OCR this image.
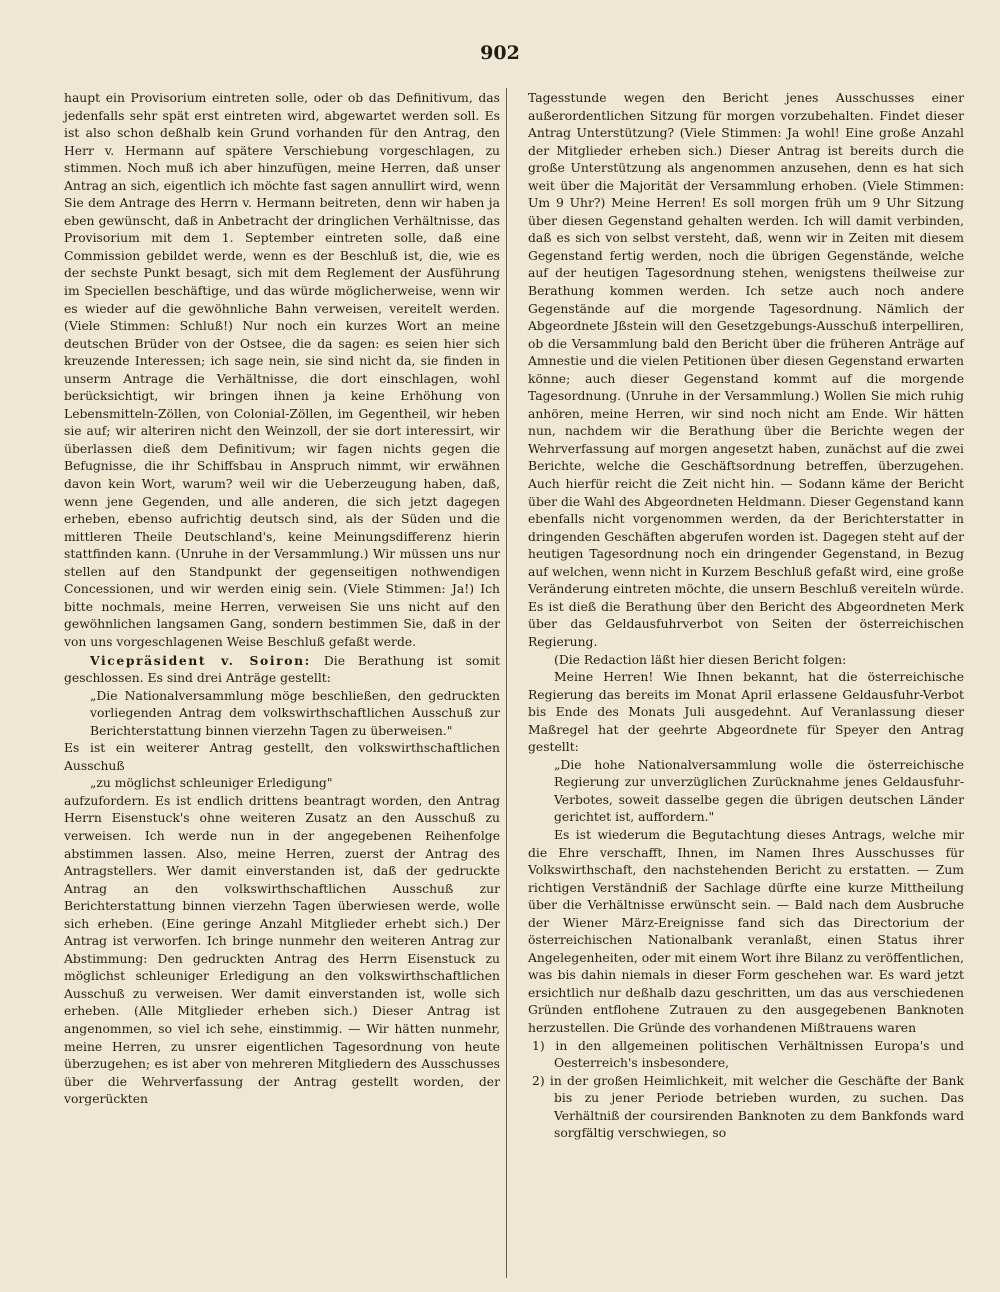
902

haupt ein Provisorium eintreten solle, oder ob das Definitivum, das jedenfalls sehr spät erst eintreten wird, abgewartet werden soll. Es ist also schon deßhalb kein Grund vorhanden für den Antrag, den Herr v. Hermann auf spätere Verschiebung vorgeschlagen, zu stimmen. Noch muß ich aber hinzufügen, meine Herren, daß unser Antrag an sich, eigentlich ich möchte fast sagen annullirt wird, wenn Sie dem Antrage des Herrn v. Hermann beitreten, denn wir haben ja eben gewünscht, daß in Anbetracht der dringlichen Verhältnisse, das Provisorium mit dem 1. September eintreten solle, daß eine Commission gebildet werde, wenn es der Beschluß ist, die, wie es der sechste Punkt besagt, sich mit dem Reglement der Ausführung im Speciellen beschäftige, und das würde möglicherweise, wenn wir es wieder auf die gewöhnliche Bahn verweisen, vereitelt werden. (Viele Stimmen: Schluß!) Nur noch ein kurzes Wort an meine deutschen Brüder von der Ostsee, die da sagen: es seien hier sich kreuzende Interessen; ich sage nein, sie sind nicht da, sie finden in unserm Antrage die Verhältnisse, die dort einschlagen, wohl berücksichtigt, wir bringen ihnen ja keine Erhöhung von Lebensmitteln-Zöllen, von Colonial-Zöllen, im Gegentheil, wir heben sie auf; wir alteriren nicht den Weinzoll, der sie dort interessirt, wir überlassen dieß dem Definitivum; wir fagen nichts gegen die Befugnisse, die ihr Schiffsbau in Anspruch nimmt, wir erwähnen davon kein Wort, warum? weil wir die Ueberzeugung haben, daß, wenn jene Gegenden, und alle anderen, die sich jetzt dagegen erheben, ebenso aufrichtig deutsch sind, als der Süden und die mittleren Theile Deutschland's, keine Meinungsdifferenz hierin stattfinden kann. (Unruhe in der Versammlung.) Wir müssen uns nur stellen auf den Standpunkt der gegenseitigen nothwendigen Concessionen, und wir werden einig sein. (Viele Stimmen: Ja!) Ich bitte nochmals, meine Herren, verweisen Sie uns nicht auf den gewöhnlichen langsamen Gang, sondern bestimmen Sie, daß in der von uns vorgeschlagenen Weise Beschluß gefaßt werde.

Vicepräsident v. Soiron: Die Berathung ist somit geschlossen. Es sind drei Anträge gestellt:

„Die Nationalversammlung möge beschließen, den gedruckten vorliegenden Antrag dem volkswirthschaftlichen Ausschuß zur Berichterstattung binnen vierzehn Tagen zu überweisen."

Es ist ein weiterer Antrag gestellt, den volkswirthschaftlichen Ausschuß

„zu möglichst schleuniger Erledigung"

aufzufordern. Es ist endlich drittens beantragt worden, den Antrag Herrn Eisenstuck's ohne weiteren Zusatz an den Ausschuß zu verweisen. Ich werde nun in der angegebenen Reihenfolge abstimmen lassen. Also, meine Herren, zuerst der Antrag des Antragstellers. Wer damit einverstanden ist, daß der gedruckte Antrag an den volkswirthschaftlichen Ausschuß zur Berichterstattung binnen vierzehn Tagen überwiesen werde, wolle sich erheben. (Eine geringe Anzahl Mitglieder erhebt sich.) Der Antrag ist verworfen. Ich bringe nunmehr den weiteren Antrag zur Abstimmung: Den gedruckten Antrag des Herrn Eisenstuck zu möglichst schleuniger Erledigung an den volkswirthschaftlichen Ausschuß zu verweisen. Wer damit einverstanden ist, wolle sich erheben. (Alle Mitglieder erheben sich.) Dieser Antrag ist angenommen, so viel ich sehe, einstimmig. — Wir hätten nunmehr, meine Herren, zu unsrer eigentlichen Tagesordnung von heute überzugehen; es ist aber von mehreren Mitgliedern des Ausschusses über die Wehrverfassung der Antrag gestellt worden, der vorgerückten

Tagesstunde wegen den Bericht jenes Ausschusses einer außerordentlichen Sitzung für morgen vorzubehalten. Findet dieser Antrag Unterstützung? (Viele Stimmen: Ja wohl! Eine große Anzahl der Mitglieder erheben sich.) Dieser Antrag ist bereits durch die große Unterstützung als angenommen anzusehen, denn es hat sich weit über die Majorität der Versammlung erhoben. (Viele Stimmen: Um 9 Uhr?) Meine Herren! Es soll morgen früh um 9 Uhr Sitzung über diesen Gegenstand gehalten werden. Ich will damit verbinden, daß es sich von selbst versteht, daß, wenn wir in Zeiten mit diesem Gegenstand fertig werden, noch die übrigen Gegenstände, welche auf der heutigen Tagesordnung stehen, wenigstens theilweise zur Berathung kommen werden. Ich setze auch noch andere Gegenstände auf die morgende Tagesordnung. Nämlich der Abgeordnete Jßstein will den Gesetzgebungs-Ausschuß interpelliren, ob die Versammlung bald den Bericht über die früheren Anträge auf Amnestie und die vielen Petitionen über diesen Gegenstand erwarten könne; auch dieser Gegenstand kommt auf die morgende Tagesordnung. (Unruhe in der Versammlung.) Wollen Sie mich ruhig anhören, meine Herren, wir sind noch nicht am Ende. Wir hätten nun, nachdem wir die Berathung über die Berichte wegen der Wehrverfassung auf morgen angesetzt haben, zunächst auf die zwei Berichte, welche die Geschäftsordnung betreffen, überzugehen. Auch hierfür reicht die Zeit nicht hin. — Sodann käme der Bericht über die Wahl des Abgeordneten Heldmann. Dieser Gegenstand kann ebenfalls nicht vorgenommen werden, da der Berichterstatter in dringenden Geschäften abgerufen worden ist. Dagegen steht auf der heutigen Tagesordnung noch ein dringender Gegenstand, in Bezug auf welchen, wenn nicht in Kurzem Beschluß gefaßt wird, eine große Veränderung eintreten möchte, die unsern Beschluß vereiteln würde. Es ist dieß die Berathung über den Bericht des Abgeordneten Merk über das Geldausfuhrverbot von Seiten der österreichischen Regierung.

(Die Redaction läßt hier diesen Bericht folgen:

Meine Herren! Wie Ihnen bekannt, hat die österreichische Regierung das bereits im Monat April erlassene Geldausfuhr-Verbot bis Ende des Monats Juli ausgedehnt. Auf Veranlassung dieser Maßregel hat der geehrte Abgeordnete für Speyer den Antrag gestellt:

„Die hohe Nationalversammlung wolle die österreichische Regierung zur unverzüglichen Zurücknahme jenes Geldausfuhr-Verbotes, soweit dasselbe gegen die übrigen deutschen Länder gerichtet ist, auffordern."

Es ist wiederum die Begutachtung dieses Antrags, welche mir die Ehre verschafft, Ihnen, im Namen Ihres Ausschusses für Volkswirthschaft, den nachstehenden Bericht zu erstatten. — Zum richtigen Verständniß der Sachlage dürfte eine kurze Mittheilung über die Verhältnisse erwünscht sein. — Bald nach dem Ausbruche der Wiener März-Ereignisse fand sich das Directorium der österreichischen Nationalbank veranlaßt, einen Status ihrer Angelegenheiten, oder mit einem Wort ihre Bilanz zu veröffentlichen, was bis dahin niemals in dieser Form geschehen war. Es ward jetzt ersichtlich nur deßhalb dazu geschritten, um das aus verschiedenen Gründen entflohene Zutrauen zu den ausgegebenen Banknoten herzustellen. Die Gründe des vorhandenen Mißtrauens waren

1) in den allgemeinen politischen Verhältnissen Europa's und Oesterreich's insbesondere,

2) in der großen Heimlichkeit, mit welcher die Geschäfte der Bank bis zu jener Periode betrieben wurden, zu suchen. Das Verhältniß der coursirenden Banknoten zu dem Bankfonds ward sorgfältig verschwiegen, so
